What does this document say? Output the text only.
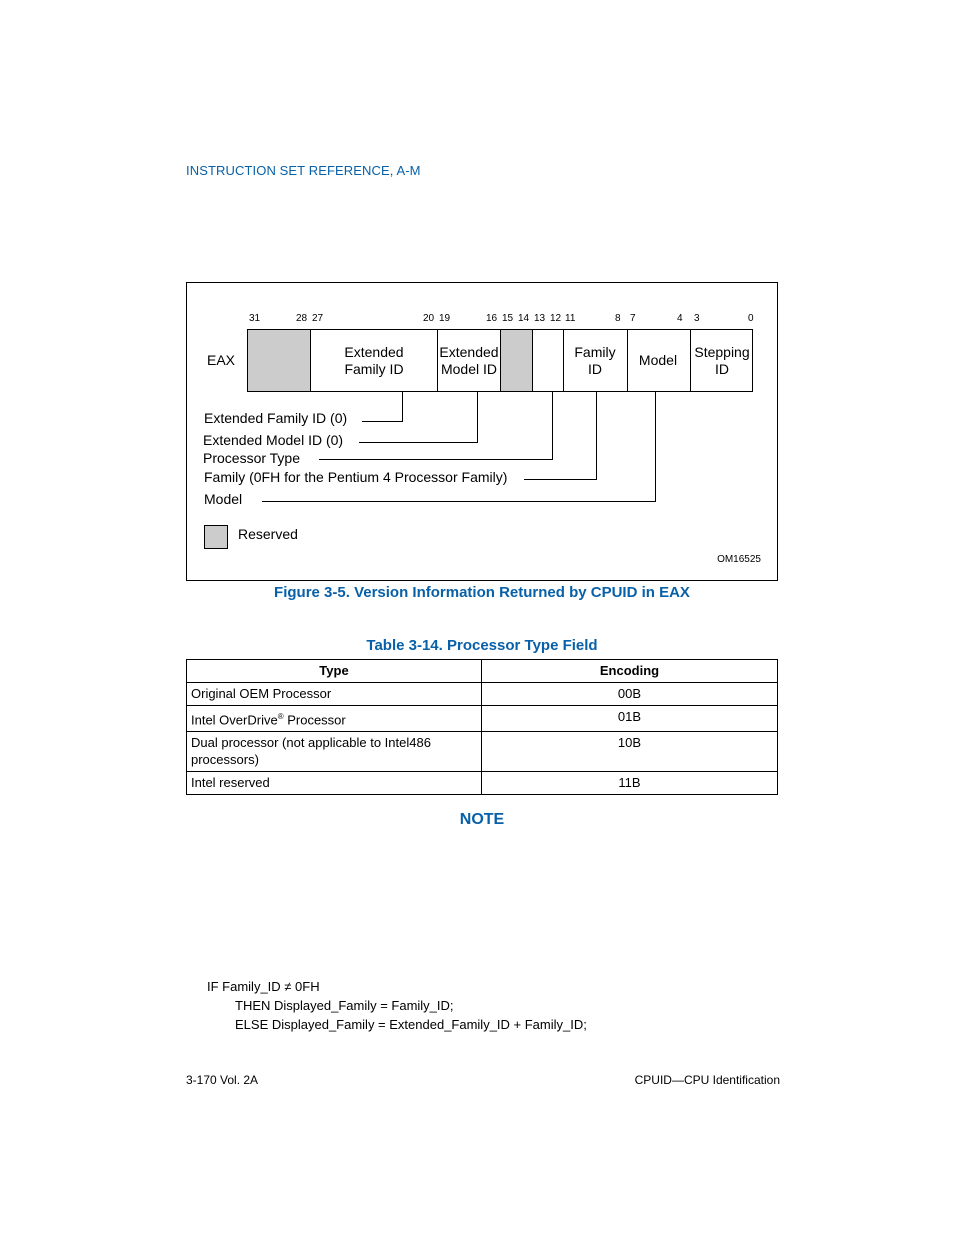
INSTRUCTION SET REFERENCE, A-M
31	28 27	20 19	16 15 14 13 12 11	8 7	4 3	0
EAX	Extended
Family ID
Extended
Model ID
Family
ID
Model Stepping
ID
Extended Family ID (0)
Extended Model ID (0)
Processor Type
Family (0FH for the Pentium 4 Processor Family)
Model
Reserved
OM16525
Figure 3-5. Version Information Returned by CPUID in EAX
Table 3-14. Processor Type Field
Type	Encoding
Original OEM Processor	00B
Intel OverDrive® Processor	01B
Dual processor (not applicable to Intel486 processors)	10B
Intel reserved	11B
NOTE
IF Family_ID ≠ 0FH
THEN Displayed_Family = Family_ID;
ELSE Displayed_Family = Extended_Family_ID + Family_ID;
3-170 Vol. 2A	CPUID—CPU Identification
